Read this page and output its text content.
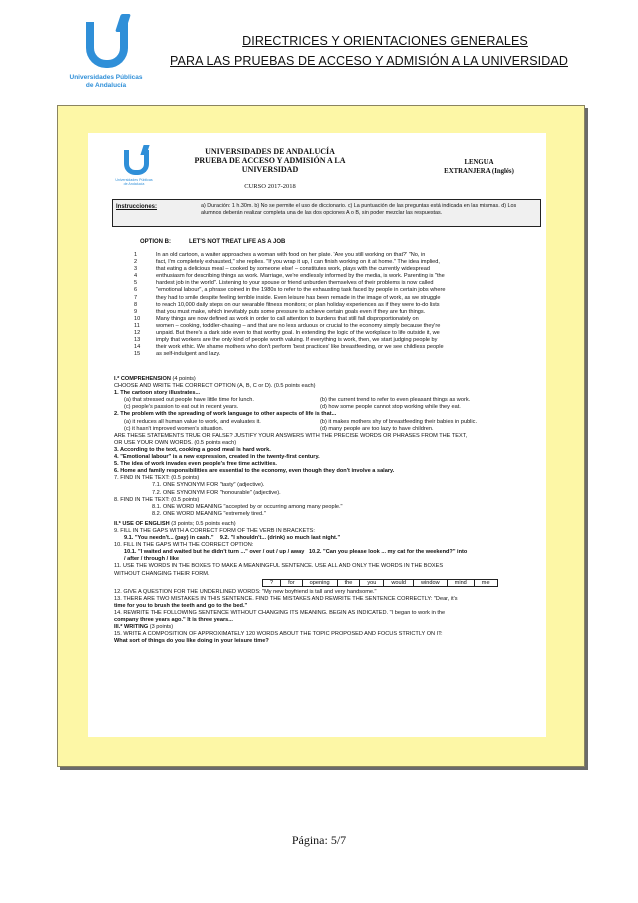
Universidades Públicas de Andalucía
DIRECTRICES Y ORIENTACIONES GENERALES
PARA LAS PRUEBAS DE ACCESO Y ADMISIÓN A LA UNIVERSIDAD
Universidades Públicas de Andalucía
UNIVERSIDADES DE ANDALUCÍA
PRUEBA DE ACCESO Y ADMISIÓN A LA
UNIVERSIDAD
CURSO 2017-2018
LENGUA
EXTRANJERA (Inglés)
Instrucciones:	a) Duración: 1 h.30m. b) No se permite el uso de diccionario. c) La puntuación de las preguntas está indicada en las mismas. d) Los alumnos deberán realizar completa una de las dos opciones A o B, sin poder mezclar las respuestas.
OPTION B:	LET'S NOT TREAT LIFE AS A JOB
1	In an old cartoon, a waiter approaches a woman with food on her plate. 'Are you still working on that?' "No, in
2	fact, I'm completely exhausted," she replies. "If you wrap it up, I can finish working on it at home." The idea implied,
3	that eating a delicious meal – cooked by someone else! – constitutes work, plays with the currently widespread
4	enthusiasm for describing things as work. Marriage, we're endlessly informed by the media, is work. Parenting is "the
5	hardest job in the world". Listening to your spouse or friend unburden themselves of their problems is now called
6	"emotional labour", a phrase coined in the 1980s to refer to the exhausting task faced by people in certain jobs where
7	they had to smile despite feeling terrible inside. Even leisure has been remade in the image of work, as we struggle
8	to reach 10,000 daily steps on our wearable fitness monitors; or plan holiday experiences as if they were to-do lists
9	that you must make, which inevitably puts some pressure to achieve certain goals even if they are fun things.
10	Many things are now defined as work in order to call attention to burdens that still fall disproportionately on
11	women – cooking, toddler-chasing – and that are no less arduous or crucial to the economy simply because they're
12	unpaid. But there's a dark side even to that worthy goal. In extending the logic of the workplace to life outside it, we
13	imply that workers are the only kind of people worth valuing. If everything is work, then, we start judging people by
14	their work ethic. We shame mothers who don't perform 'best practices' like breastfeeding, or we see childless people
15	as self-indulgent and lazy.
I.* COMPREHENSION (4 points)
CHOOSE AND WRITE THE CORRECT OPTION (A, B, C or D). (0.5 points each)
1. The cartoon story illustrates...
(a) that stressed out people have little time for lunch.	(b) the current trend to refer to even pleasant things as work.
(c) people's passion to eat out in recent years.	(d) how some people cannot stop working while they eat.
2. The problem with the spreading of work language to other aspects of life is that...
(a) it reduces all human value to work, and evaluates it.	(b) it makes mothers shy of breastfeeding their babies in public.
(c) it hasn't improved women's situation.	(d) many people are too lazy to have children.
ARE THESE STATEMENTS TRUE OR FALSE? JUSTIFY YOUR ANSWERS WITH THE PRECISE WORDS OR PHRASES FROM THE TEXT,
OR USE YOUR OWN WORDS. (0.5 points each)
3. According to the text, cooking a good meal is hard work.
4. "Emotional labour" is a new expression, created in the twenty-first century.
5. The idea of work invades even people's free time activities.
6. Home and family responsibilities are essential to the economy, even though they don't involve a salary.
7. FIND IN THE TEXT: (0.5 points)
7.1. ONE SYNONYM FOR "tasty" (adjective).
7.2. ONE SYNONYM FOR "honourable" (adjective).
8. FIND IN THE TEXT: (0.5 points)
8.1. ONE WORD MEANING "accepted by or occurring among many people."
8.2. ONE WORD MEANING "extremely tired."
II.* USE OF ENGLISH (3 points; 0.5 points each)
9. FILL IN THE GAPS WITH A CORRECT FORM OF THE VERB IN BRACKETS:
9.1. "You needn't... (pay) in cash." 9.2. "I shouldn't... (drink) so much last night."
10. FILL IN THE GAPS WITH THE CORRECT OPTION:
10.1. "I waited and waited but he didn't turn ..." over / out / up / away 10.2. "Can you please look ... my cat for the weekend?" into
/ after / through / like
11. USE THE WORDS IN THE BOXES TO MAKE A MEANINGFUL SENTENCE. USE ALL AND ONLY THE WORDS IN THE BOXES
WITHOUT CHANGING THEIR FORM.
?	for	opening	the	you	would	window	mind	me
12. GIVE A QUESTION FOR THE UNDERLINED WORDS: "My new boyfriend is tall and very handsome."
13. THERE ARE TWO MISTAKES IN THIS SENTENCE. FIND THE MISTAKES AND REWRITE THE SENTENCE CORRECTLY: "Dear, it's
time for you to brush the teeth and go to the bed."
14. REWRITE THE FOLLOWING SENTENCE WITHOUT CHANGING ITS MEANING. BEGIN AS INDICATED. "I began to work in the
company three years ago." It is three years...
III.* WRITING (3 points)
15. WRITE A COMPOSITION OF APPROXIMATELY 120 WORDS ABOUT THE TOPIC PROPOSED AND FOCUS STRICTLY ON IT:
What sort of things do you like doing in your leisure time?
Página: 5/7
